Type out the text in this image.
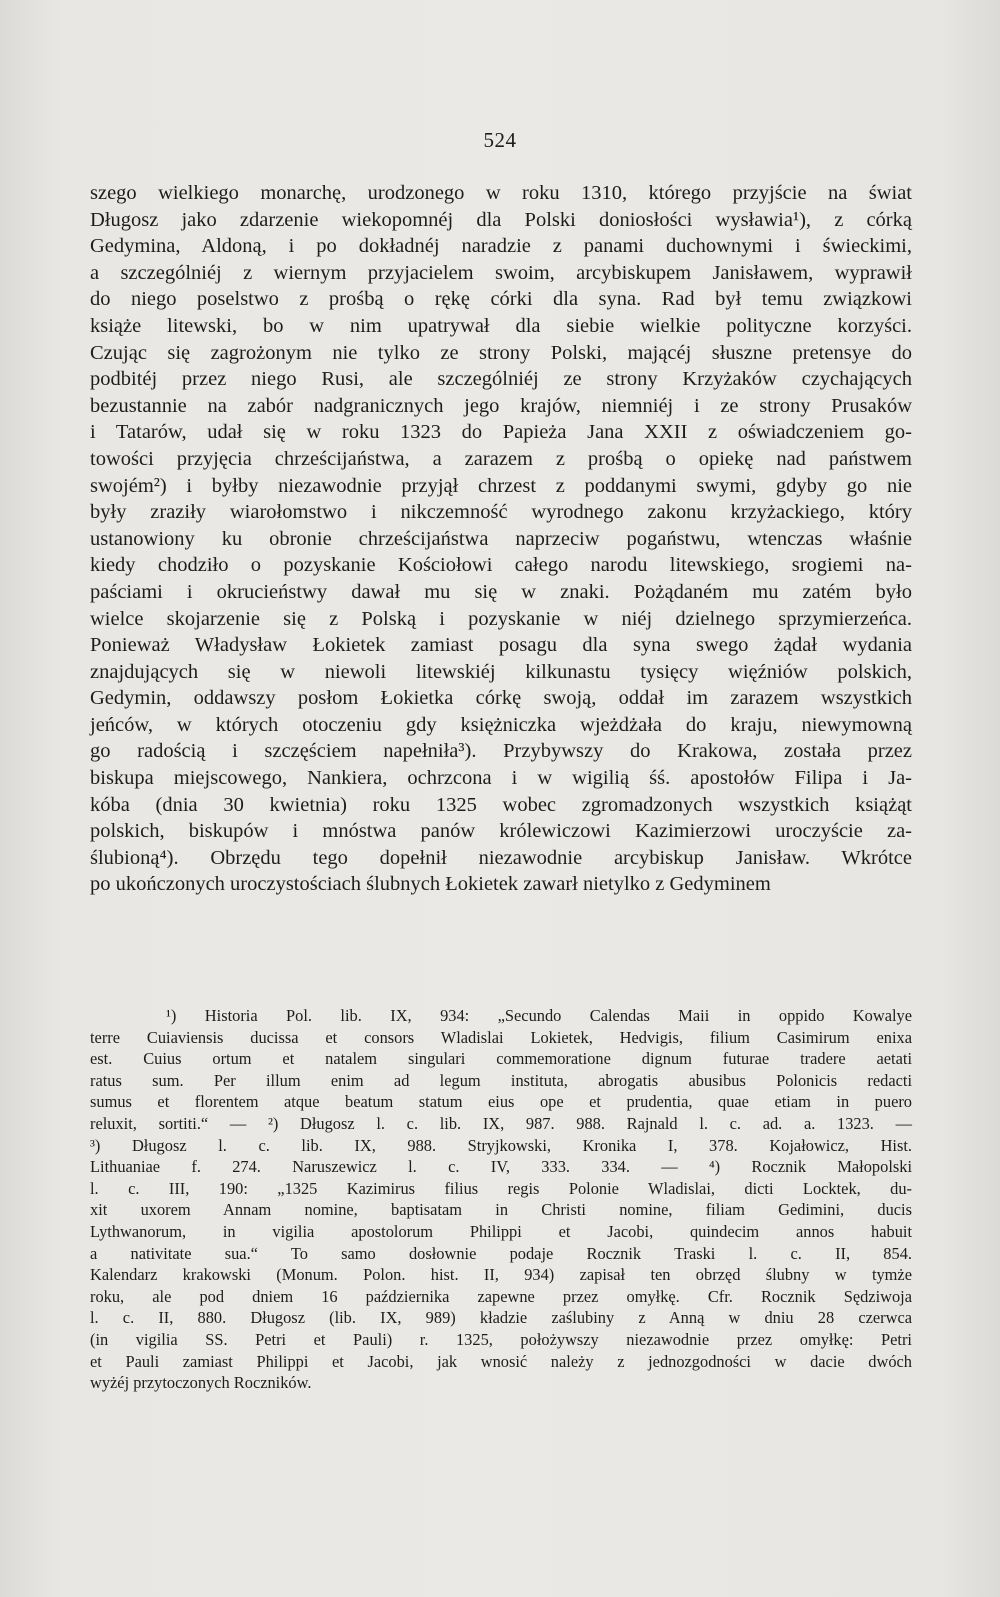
524
szego wielkiego monarchę, urodzonego w roku 1310, którego przyjście na świat
Długosz jako zdarzenie wiekopomnéj dla Polski doniosłości wysławia¹), z córką
Gedymina, Aldoną, i po dokładnéj naradzie z panami duchownymi i świeckimi,
a szczególniéj z wiernym przyjacielem swoim, arcybiskupem Janisławem, wyprawił
do niego poselstwo z prośbą o rękę córki dla syna. Rad był temu związkowi
książe litewski, bo w nim upatrywał dla siebie wielkie polityczne korzyści.
Czując się zagrożonym nie tylko ze strony Polski, mającéj słuszne pretensye do
podbitéj przez niego Rusi, ale szczególniéj ze strony Krzyżaków czychających
bezustannie na zabór nadgranicznych jego krajów, niemniéj i ze strony Prusaków
i Tatarów, udał się w roku 1323 do Papieża Jana XXII z oświadczeniem go-
towości przyjęcia chrześcijaństwa, a zarazem z prośbą o opiekę nad państwem
swojém²) i byłby niezawodnie przyjął chrzest z poddanymi swymi, gdyby go nie
były zraziły wiarołomstwo i nikczemność wyrodnego zakonu krzyżackiego, który
ustanowiony ku obronie chrześcijaństwa naprzeciw pogaństwu, wtenczas właśnie
kiedy chodziło o pozyskanie Kościołowi całego narodu litewskiego, srogiemi na-
paściami i okrucieństwy dawał mu się w znaki. Pożądaném mu zatém było
wielce skojarzenie się z Polską i pozyskanie w niéj dzielnego sprzymierzeńca.
Ponieważ Władysław Łokietek zamiast posagu dla syna swego żądał wydania
znajdujących się w niewoli litewskiéj kilkunastu tysięcy więźniów polskich,
Gedymin, oddawszy posłom Łokietka córkę swoją, oddał im zarazem wszystkich
jeńców, w których otoczeniu gdy księżniczka wjeżdżała do kraju, niewymowną
go radością i szczęściem napełniła³). Przybywszy do Krakowa, została przez
biskupa miejscowego, Nankiera, ochrzcona i w wigilią śś. apostołów Filipa i Ja-
kóba (dnia 30 kwietnia) roku 1325 wobec zgromadzonych wszystkich książąt
polskich, biskupów i mnóstwa panów królewiczowi Kazimierzowi uroczyście za-
ślubioną⁴). Obrzędu tego dopełnił niezawodnie arcybiskup Janisław. Wkrótce
po ukończonych uroczystościach ślubnych Łokietek zawarł nietylko z Gedyminem
¹) Historia Pol. lib. IX, 934: „Secundo Calendas Maii in oppido Kowalye
terre Cuiaviensis ducissa et consors Wladislai Lokietek, Hedvigis, filium Casimirum enixa
est. Cuius ortum et natalem singulari commemoratione dignum futurae tradere aetati
ratus sum. Per illum enim ad legum instituta, abrogatis abusibus Polonicis redacti
sumus et florentem atque beatum statum eius ope et prudentia, quae etiam in puero
reluxit, sortiti.“ — ²) Długosz l. c. lib. IX, 987. 988. Rajnald l. c. ad. a. 1323. —
³) Długosz l. c. lib. IX, 988. Stryjkowski, Kronika I, 378. Kojałowicz, Hist.
Lithuaniae f. 274. Naruszewicz l. c. IV, 333. 334. — ⁴) Rocznik Małopolski
l. c. III, 190: „1325 Kazimirus filius regis Polonie Wladislai, dicti Locktek, du-
xit uxorem Annam nomine, baptisatam in Christi nomine, filiam Gedimini, ducis
Lythwanorum, in vigilia apostolorum Philippi et Jacobi, quindecim annos habuit
a nativitate sua.“ To samo dosłownie podaje Rocznik Traski l. c. II, 854.
Kalendarz krakowski (Monum. Polon. hist. II, 934) zapisał ten obrzęd ślubny w tymże
roku, ale pod dniem 16 października zapewne przez omyłkę. Cfr. Rocznik Sędziwoja
l. c. II, 880. Długosz (lib. IX, 989) kładzie zaślubiny z Anną w dniu 28 czerwca
(in vigilia SS. Petri et Pauli) r. 1325, położywszy niezawodnie przez omyłkę: Petri
et Pauli zamiast Philippi et Jacobi, jak wnosić należy z jednozgodności w dacie dwóch
wyżéj przytoczonych Roczników.
